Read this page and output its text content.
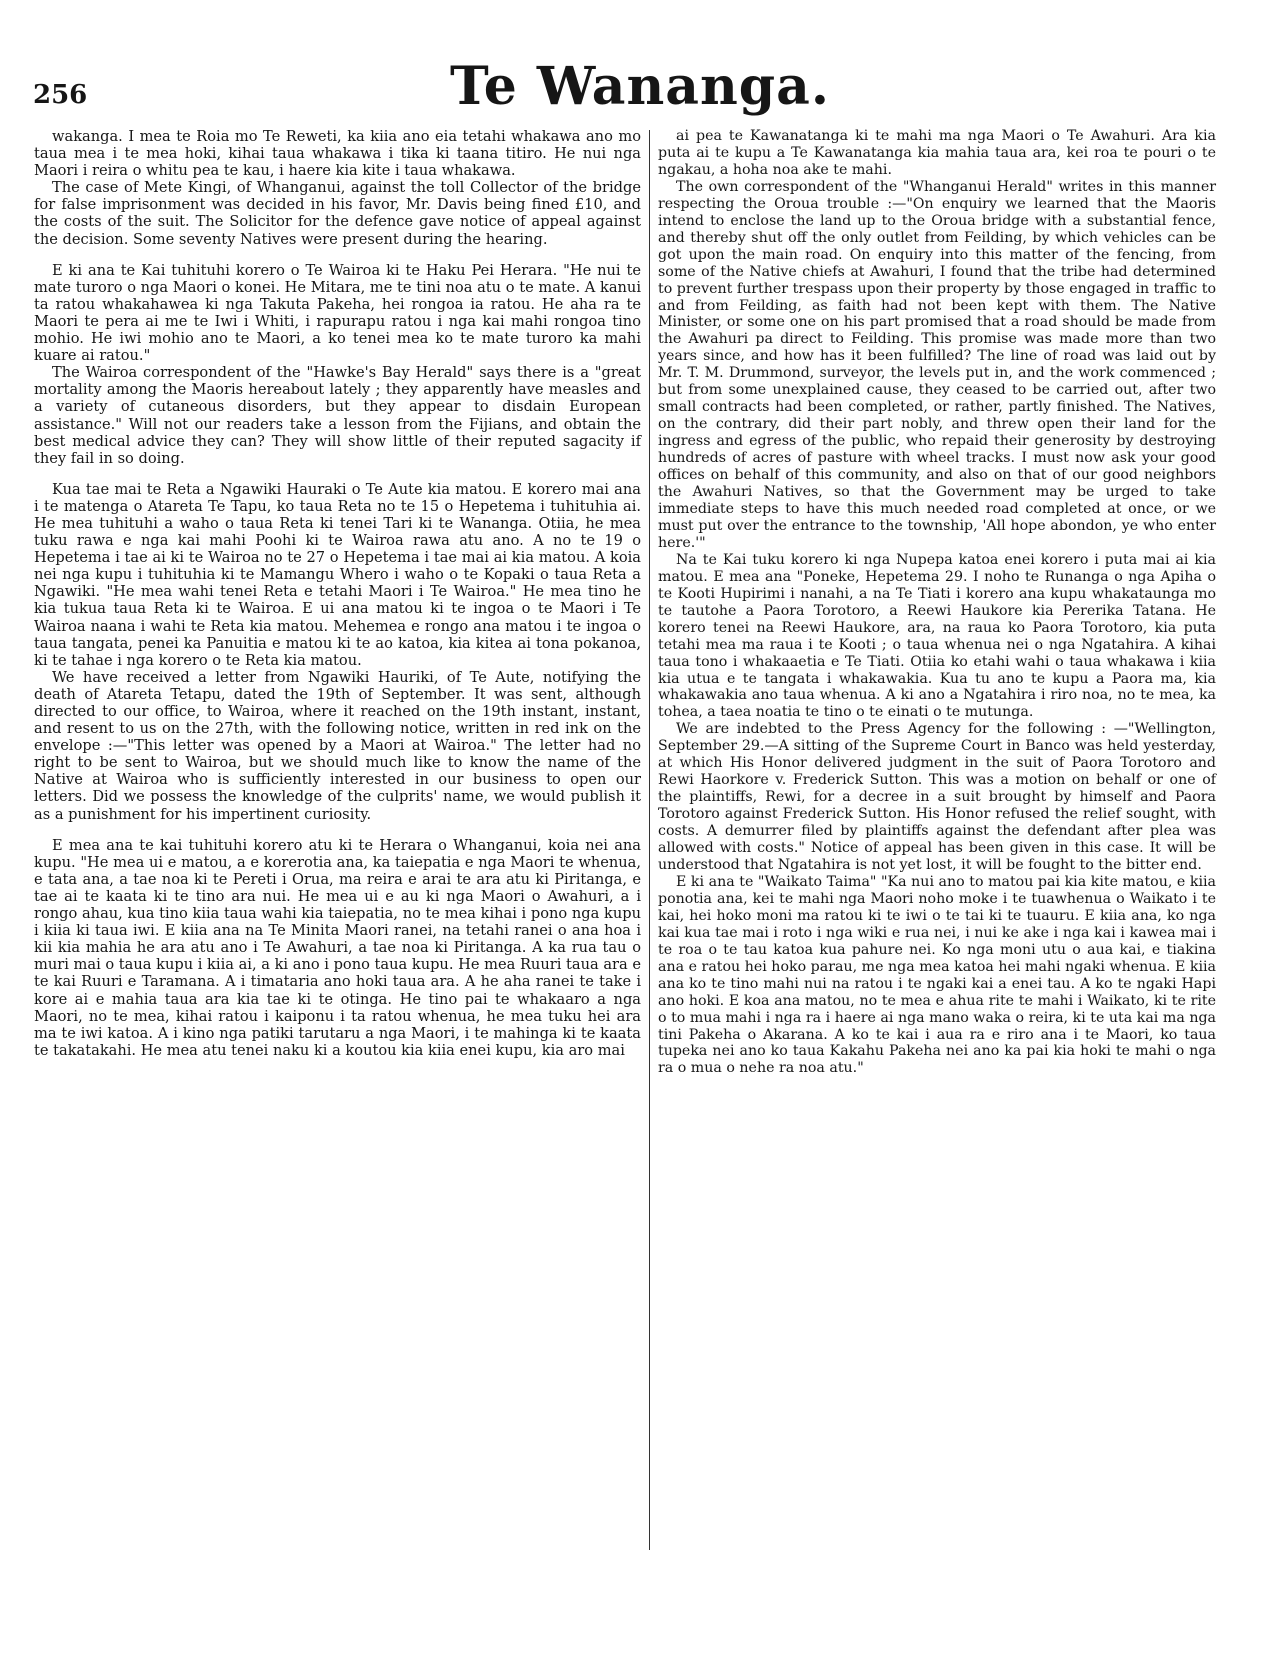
256	Te Wananga.

wakanga. I mea te Roia mo Te Reweti, ka kiia ano eia tetahi whakawa ano mo taua mea i te mea hoki, kihai taua whakawa i tika ki taana titiro. He nui nga Maori i reira o whitu pea te kau, i haere kia kite i taua whakawa.

The case of Mete Kingi, of Whanganui, against the toll Collector of the bridge for false imprisonment was decided in his favor, Mr. Davis being fined £10, and the costs of the suit. The Solicitor for the defence gave notice of appeal against the decision. Some seventy Natives were present during the hearing.

E ki ana te Kai tuhituhi korero o Te Wairoa ki te Haku Pei Herara. "He nui te mate turoro o nga Maori o konei. He Mitara, me te tini noa atu o te mate. A kanui ta ratou whakahawea ki nga Takuta Pakeha, hei rongoa ia ratou. He aha ra te Maori te pera ai me te Iwi i Whiti, i rapurapu ratou i nga kai mahi rongoa tino mohio. He iwi mohio ano te Maori, a ko tenei mea ko te mate turoro ka mahi kuare ai ratou."

The Wairoa correspondent of the "Hawke's Bay Herald" says there is a "great mortality among the Maoris hereabout lately ; they apparently have measles and a variety of cutaneous disorders, but they appear to disdain European assistance." Will not our readers take a lesson from the Fijians, and obtain the best medical advice they can? They will show little of their reputed sagacity if they fail in so doing.

Kua tae mai te Reta a Ngawiki Hauraki o Te Aute kia matou. E korero mai ana i te matenga o Atareta Te Tapu, ko taua Reta no te 15 o Hepetema i tuhituhia ai. He mea tuhituhi a waho o taua Reta ki tenei Tari ki te Wananga. Otiia, he mea tuku rawa e nga kai mahi Poohi ki te Wairoa rawa atu ano. A no te 19 o Hepetema i tae ai ki te Wairoa no te 27 o Hepetema i tae mai ai kia matou. A koia nei nga kupu i tuhituhia ki te Mamangu Whero i waho o te Kopaki o taua Reta a Ngawiki. "He mea wahi tenei Reta e tetahi Maori i Te Wairoa." He mea tino he kia tukua taua Reta ki te Wairoa. E ui ana matou ki te ingoa o te Maori i Te Wairoa naana i wahi te Reta kia matou. Mehemea e rongo ana matou i te ingoa o taua tangata, penei ka Panuitia e matou ki te ao katoa, kia kitea ai tona pokanoa, ki te tahae i nga korero o te Reta kia matou.

We have received a letter from Ngawiki Hauriki, of Te Aute, notifying the death of Atareta Tetapu, dated the 19th of September. It was sent, although directed to our office, to Wairoa, where it reached on the 19th instant, instant, and resent to us on the 27th, with the following notice, written in red ink on the envelope :—"This letter was opened by a Maori at Wairoa." The letter had no right to be sent to Wairoa, but we should much like to know the name of the Native at Wairoa who is sufficiently interested in our business to open our letters. Did we possess the knowledge of the culprits' name, we would publish it as a punishment for his impertinent curiosity.

E mea ana te kai tuhituhi korero atu ki te Herara o Whanganui, koia nei ana kupu. "He mea ui e matou, a e korerotia ana, ka taiepatia e nga Maori te whenua, e tata ana, a tae noa ki te Pereti i Orua, ma reira e arai te ara atu ki Piritanga, e tae ai te kaata ki te tino ara nui. He mea ui e au ki nga Maori o Awahuri, a i rongo ahau, kua tino kiia taua wahi kia taiepatia, no te mea kihai i pono nga kupu i kiia ki taua iwi. E kiia ana na Te Minita Maori ranei, na tetahi ranei o ana hoa i kii kia mahia he ara atu ano i Te Awahuri, a tae noa ki Piritanga. A ka rua tau o muri mai o taua kupu i kiia ai, a ki ano i pono taua kupu. He mea Ruuri taua ara e te kai Ruuri e Taramana. A i timataria ano hoki taua ara. A he aha ranei te take i kore ai e mahia taua ara kia tae ki te otinga. He tino pai te whakaaro a nga Maori, no te mea, kihai ratou i kaiponu i ta ratou whenua, he mea tuku hei ara ma te iwi katoa. A i kino nga patiki tarutaru a nga Maori, i te mahinga ki te kaata te takatakahi. He mea atu tenei naku ki a koutou kia kiia enei kupu, kia aro mai

ai pea te Kawanatanga ki te mahi ma nga Maori o Te Awahuri. Ara kia puta ai te kupu a Te Kawanatanga kia mahia taua ara, kei roa te pouri o te ngakau, a hoha noa ake te mahi.

The own correspondent of the "Whanganui Herald" writes in this manner respecting the Oroua trouble :—"On enquiry we learned that the Maoris intend to enclose the land up to the Oroua bridge with a substantial fence, and thereby shut off the only outlet from Feilding, by which vehicles can be got upon the main road. On enquiry into this matter of the fencing, from some of the Native chiefs at Awahuri, I found that the tribe had determined to prevent further trespass upon their property by those engaged in traffic to and from Feilding, as faith had not been kept with them. The Native Minister, or some one on his part promised that a road should be made from the Awahuri pa direct to Feilding. This promise was made more than two years since, and how has it been fulfilled? The line of road was laid out by Mr. T. M. Drummond, surveyor, the levels put in, and the work commenced ; but from some unexplained cause, they ceased to be carried out, after two small contracts had been completed, or rather, partly finished. The Natives, on the contrary, did their part nobly, and threw open their land for the ingress and egress of the public, who repaid their generosity by destroying hundreds of acres of pasture with wheel tracks. I must now ask your good offices on behalf of this community, and also on that of our good neighbors the Awahuri Natives, so that the Government may be urged to take immediate steps to have this much needed road completed at once, or we must put over the entrance to the township, 'All hope abondon, ye who enter here.'"

Na te Kai tuku korero ki nga Nupepa katoa enei korero i puta mai ai kia matou. E mea ana "Poneke, Hepetema 29. I noho te Runanga o nga Apiha o te Kooti Hupirimi i nanahi, a na Te Tiati i korero ana kupu whakataunga mo te tautohe a Paora Torotoro, a Reewi Haukore kia Pererika Tatana. He korero tenei na Reewi Haukore, ara, na raua ko Paora Torotoro, kia puta tetahi mea ma raua i te Kooti ; o taua whenua nei o nga Ngatahira. A kihai taua tono i whakaaetia e Te Tiati. Otiia ko etahi wahi o taua whakawa i kiia kia utua e te tangata i whakawakia. Kua tu ano te kupu a Paora ma, kia whakawakia ano taua whenua. A ki ano a Ngatahira i riro noa, no te mea, ka tohea, a taea noatia te tino o te einati o te mutunga.

We are indebted to the Press Agency for the following : —"Wellington, September 29.—A sitting of the Supreme Court in Banco was held yesterday, at which His Honor delivered judgment in the suit of Paora Torotoro and Rewi Haorkore v. Frederick Sutton. This was a motion on behalf or one of the plaintiffs, Rewi, for a decree in a suit brought by himself and Paora Torotoro against Frederick Sutton. His Honor refused the relief sought, with costs. A demurrer filed by plaintiffs against the defendant after plea was allowed with costs." Notice of appeal has been given in this case. It will be understood that Ngatahira is not yet lost, it will be fought to the bitter end.

E ki ana te "Waikato Taima" "Ka nui ano to matou pai kia kite matou, e kiia ponotia ana, kei te mahi nga Maori noho moke i te tuawhenua o Waikato i te kai, hei hoko moni ma ratou ki te iwi o te tai ki te tuauru. E kiia ana, ko nga kai kua tae mai i roto i nga wiki e rua nei, i nui ke ake i nga kai i kawea mai i te roa o te tau katoa kua pahure nei. Ko nga moni utu o aua kai, e tiakina ana e ratou hei hoko parau, me nga mea katoa hei mahi ngaki whenua. E kiia ana ko te tino mahi nui na ratou i te ngaki kai a enei tau. A ko te ngaki Hapi ano hoki. E koa ana matou, no te mea e ahua rite te mahi i Waikato, ki te rite o to mua mahi i nga ra i haere ai nga mano waka o reira, ki te uta kai ma nga tini Pakeha o Akarana. A ko te kai i aua ra e riro ana i te Maori, ko taua tupeka nei ano ko taua Kakahu Pakeha nei ano ka pai kia hoki te mahi o nga ra o mua o nehe ra noa atu."
